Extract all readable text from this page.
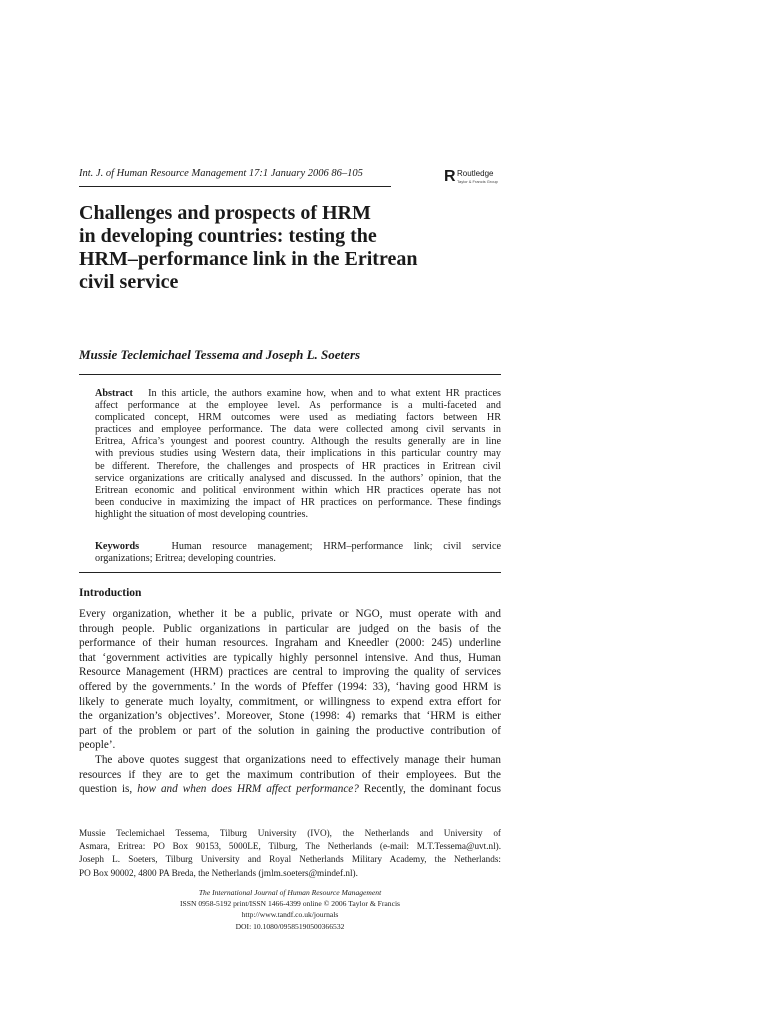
Int. J. of Human Resource Management 17:1 January 2006 86–105	R Routledge
Taylor & Francis Group
Challenges and prospects of HRM
in developing countries: testing the
HRM–performance link in the Eritrean
civil service
Mussie Teclemichael Tessema and Joseph L. Soeters
Abstract In this article, the authors examine how, when and to what extent HR practices
affect performance at the employee level. As performance is a multi-faceted and
complicated concept, HRM outcomes were used as mediating factors between HR
practices and employee performance. The data were collected among civil servants in
Eritrea, Africa’s youngest and poorest country. Although the results generally are in line
with previous studies using Western data, their implications in this particular country may
be different. Therefore, the challenges and prospects of HR practices in Eritrean civil
service organizations are critically analysed and discussed. In the authors’ opinion, that the
Eritrean economic and political environment within which HR practices operate has not
been conducive in maximizing the impact of HR practices on performance. These findings
highlight the situation of most developing countries.
Keywords	Human resource management; HRM–performance link; civil service
organizations; Eritrea; developing countries.
Introduction
Every organization, whether it be a public, private or NGO, must operate with and
through people. Public organizations in particular are judged on the basis of the
performance of their human resources. Ingraham and Kneedler (2000: 245) underline
that ‘government activities are typically highly personnel intensive. And thus, Human
Resource Management (HRM) practices are central to improving the quality of services
offered by the governments.’ In the words of Pfeffer (1994: 33), ‘having good HRM is
likely to generate much loyalty, commitment, or willingness to expend extra effort for
the organization’s objectives’. Moreover, Stone (1998: 4) remarks that ‘HRM is either
part of the problem or part of the solution in gaining the productive contribution of
people’.
The above quotes suggest that organizations need to effectively manage their human
resources if they are to get the maximum contribution of their employees. But the
question is, how and when does HRM affect performance? Recently, the dominant focus
Mussie Teclemichael Tessema, Tilburg University (IVO), the Netherlands and University of
Asmara, Eritrea: PO Box 90153, 5000LE, Tilburg, The Netherlands (e-mail: M.T.Tessema@uvt.nl).
Joseph L. Soeters, Tilburg University and Royal Netherlands Military Academy, the Netherlands:
PO Box 90002, 4800 PA Breda, the Netherlands (jmlm.soeters@mindef.nl).
The International Journal of Human Resource Management
ISSN 0958-5192 print/ISSN 1466-4399 online © 2006 Taylor & Francis
http://www.tandf.co.uk/journals
DOI: 10.1080/09585190500366532
